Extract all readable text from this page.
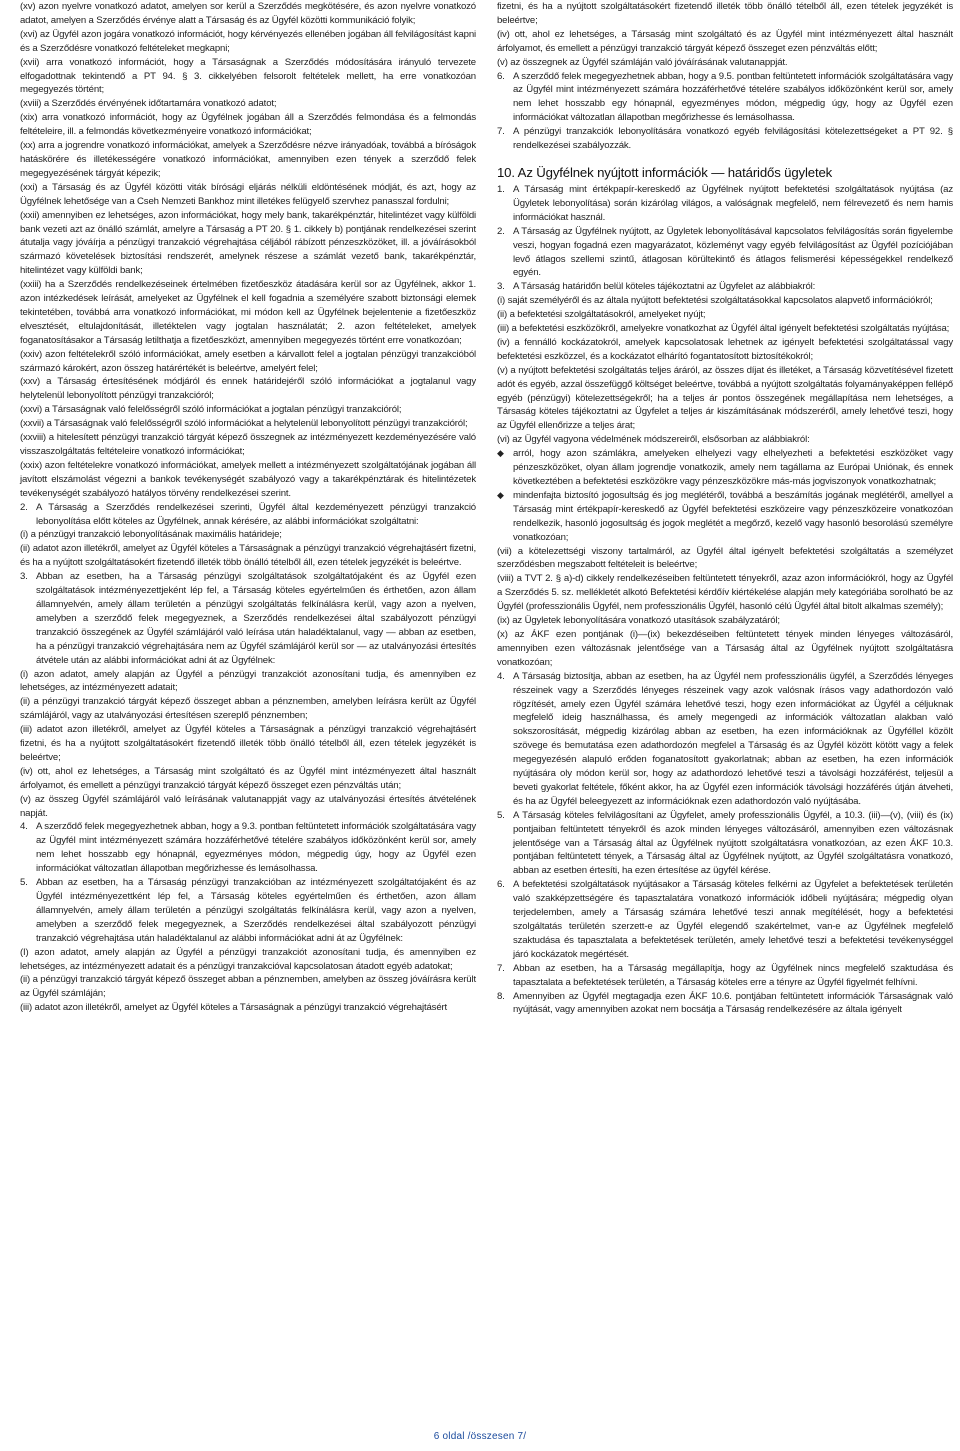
(xv) azon nyelvre vonatkozó adatot, amelyen sor kerül a Szerződés megkötésére, és azon nyelvre vonatkozó adatot, amelyen a Szerződés érvénye alatt a Társaság és az Ügyfél közötti kommunikáció folyik;

(xvi) az Ügyfél azon jogára vonatkozó információt, hogy kérvényezés ellenében jogában áll felvilágosítást kapni és a Szerződésre vonatkozó feltételeket megkapni;

(xvii) arra vonatkozó információt, hogy a Társaságnak a Szerződés módosítására irányuló tervezete elfogadottnak tekintendő a PT 94. § 3. cikkelyében felsorolt feltételek mellett, ha erre vonatkozóan megegyezés történt;

(xviii) a Szerződés érvényének időtartamára vonatkozó adatot;

(xix) arra vonatkozó információt, hogy az Ügyfélnek jogában áll a Szerződés felmondása és a felmondás feltételeire, ill. a felmondás következményeire vonatkozó információkat;

(xx) arra a jogrendre vonatkozó információkat, amelyek a Szerződésre nézve irányadóak, továbbá a bíróságok hatáskörére és illetékességére vonatkozó információkat, amennyiben ezen tények a szerződő felek megegyezésének tárgyát képezik;

(xxi) a Társaság és az Ügyfél közötti viták bírósági eljárás nélküli eldöntésének módját, és azt, hogy az Ügyfélnek lehetősége van a Cseh Nemzeti Bankhoz mint illetékes felügyelő szervhez panasszal fordulni;

(xxii) amennyiben ez lehetséges, azon információkat, hogy mely bank, takarékpénztár, hitelintézet vagy külföldi bank vezeti azt az önálló számlát, amelyre a Társaság a PT 20. § 1. cikkely b) pontjának rendelkezései szerint átutalja vagy jóváírja a pénzügyi tranzakció végrehajtása céljából rábízott pénzeszközöket, ill. a jóváírásokból származó követelések biztosítási rendszerét, amelynek részese a számlát vezető bank, takarékpénztár, hitelintézet vagy külföldi bank;

(xxiii) ha a Szerződés rendelkezéseinek értelmében fizetőeszköz átadására kerül sor az Ügyfélnek, akkor 1. azon intézkedések leírását, amelyeket az Ügyfélnek el kell fogadnia a személyére szabott biztonsági elemek tekintetében, továbbá arra vonatkozó információkat, mi módon kell az Ügyfélnek bejelentenie a fizetőeszköz elvesztését, eltulajdonítását, illetéktelen vagy jogtalan használatát; 2. azon feltételeket, amelyek foganatosításakor a Társaság letilthatja a fizetőeszközt, amennyiben megegyezés történt erre vonatkozóan;

(xxiv) azon feltételekről szóló információkat, amely esetben a kárvallott felel a jogtalan pénzügyi tranzakcióból származó károkért, azon összeg határértékét is beleértve, amelyért felel;

(xxv) a Társaság értesítésének módjáról és ennek határidejéről szóló információkat a jogtalanul vagy helytelenül lebonyolított pénzügyi tranzakcióról;

(xxvi) a Társaságnak való felelősségről szóló információkat a jogtalan pénzügyi tranzakcióról;

(xxvii) a Társaságnak való felelősségről szóló információkat a helytelenül lebonyolított pénzügyi tranzakcióról;

(xxviii) a hitelesített pénzügyi tranzakció tárgyát képező összegnek az intézményezett kezdeményezésére való visszaszolgáltatás feltételeire vonatkozó információkat;

(xxix) azon feltételekre vonatkozó információkat, amelyek mellett a intézményezett szolgáltatójának jogában áll javított elszámolást végezni a bankok tevékenységét szabályozó vagy a takarékpénztárak és hitelintézetek tevékenységét szabályozó hatályos törvény rendelkezései szerint.

2. A Társaság a Szerződés rendelkezései szerinti, Ügyfél által kezdeményezett pénzügyi tranzakció lebonyolítása előtt köteles az Ügyfélnek, annak kérésére, az alábbi információkat szolgáltatni:

(i) a pénzügyi tranzakció lebonyolításának maximális határideje;

(ii) adatot azon illetékről, amelyet az Ügyfél köteles a Társaságnak a pénzügyi tranzakció végrehajtásért fizetni, és ha a nyújtott szolgáltatásokért fizetendő illeték több önálló tételből áll, ezen tételek jegyzékét is beleértve.

3. Abban az esetben, ha a Társaság pénzügyi szolgáltatások szolgáltatójaként és az Ügyfél ezen szolgáltatások intézményezettjeként lép fel, a Társaság köteles egyértelműen és érthetően, azon állam államnyelvén, amely állam területén a pénzügyi szolgáltatás felkínálásra kerül, vagy azon a nyelven, amelyben a szerződő felek megegyeznek, a Szerződés rendelkezései által szabályozott pénzügyi tranzakció összegének az Ügyfél számlájáról való leírása után haladéktalanul, vagy — abban az esetben, ha a pénzügyi tranzakció végrehajtására nem az Ügyfél számlájáról kerül sor — az utalványozási értesítés átvétele után az alábbi információkat adni át az Ügyfélnek:

(i) azon adatot, amely alapján az Ügyfél a pénzügyi tranzakciót azonosítani tudja, és amennyiben ez lehetséges, az intézményezett adatait;

(ii) a pénzügyi tranzakció tárgyát képező összeget abban a pénznemben, amelyben leírásra került az Ügyfél számlájáról, vagy az utalványozási értesítésen szereplő pénznemben;

(iii) adatot azon illetékről, amelyet az Ügyfél köteles a Társaságnak a pénzügyi tranzakció végrehajtásért fizetni, és ha a nyújtott szolgáltatásokért fizetendő illeték több önálló tételből áll, ezen tételek jegyzékét is beleértve;

(iv) ott, ahol ez lehetséges, a Társaság mint szolgáltató és az Ügyfél mint intézményezett által használt árfolyamot, és emellett a pénzügyi tranzakció tárgyát képező összeget ezen pénzváltás után;

(v) az összeg Ügyfél számlájáról való leírásának valutanappját vagy az utalványozási értesítés átvételének napját.

4. A szerződő felek megegyezhetnek abban, hogy a 9.3. pontban feltüntetett információk szolgáltatására vagy az Ügyfél mint intézményezett számára hozzáférhetővé tételére szabályos időközönként kerül sor, amely nem lehet hosszabb egy hónapnál, egyezményes módon, mégpedig úgy, hogy az Ügyfél ezen információkat változatlan állapotban megőrizhesse és lemásolhassa.

5. Abban az esetben, ha a Társaság pénzügyi tranzakcióban az intézményezett szolgáltatójaként és az Ügyfél intézményezettként lép fel, a Társaság köteles egyértelműen és érthetően, azon állam államnyelvén, amely állam területén a pénzügyi szolgáltatás felkínálásra kerül, vagy azon a nyelven, amelyben a szerződő felek megegyeznek, a Szerződés rendelkezései által szabályozott pénzügyi tranzakció végrehajtása után haladéktalanul az alábbi információkat adni át az Ügyfélnek:

(I) azon adatot, amely alapján az Ügyfél a pénzügyi tranzakciót azonosítani tudja, és amennyiben ez lehetséges, az intézményezett adatait és a pénzügyi tranzakcióval kapcsolatosan átadott egyéb adatokat;

(ii) a pénzügyi tranzakció tárgyát képező összeget abban a pénznemben, amelyben az összeg jóváírásra került az Ügyfél számláján;

(iii) adatot azon illetékről, amelyet az Ügyfél köteles a Társaságnak a pénzügyi tranzakció végrehajtásért

fizetni, és ha a nyújtott szolgáltatásokért fizetendő illeték több önálló tételből áll, ezen tételek jegyzékét is beleértve;

(iv) ott, ahol ez lehetséges, a Társaság mint szolgáltató és az Ügyfél mint intézményezett által használt árfolyamot, és emellett a pénzügyi tranzakció tárgyát képező összeget ezen pénzváltás előtt;

(v) az összegnek az Ügyfél számláján való jóváírásának valutanappját.

6. A szerződő felek megegyezhetnek abban, hogy a 9.5. pontban feltüntetett információk szolgáltatására vagy az Ügyfél mint intézményezett számára hozzáférhetővé tételére szabályos időközönként kerül sor, amely nem lehet hosszabb egy hónapnál, egyezményes módon, mégpedig úgy, hogy az Ügyfél ezen információkat változatlan állapotban megőrizhesse és lemásolhassa.

7. A pénzügyi tranzakciók lebonyolítására vonatkozó egyéb felvilágosítási kötelezettségeket a PT 92. § rendelkezései szabályozzák.

10. Az Ügyfélnek nyújtott információk — határidős ügyletek
1. A Társaság mint értékpapír-kereskedő az Ügyfélnek nyújtott befektetési szolgáltatások nyújtása (az Ügyletek lebonyolítása) során kizárólag világos, a valóságnak megfelelő, nem félrevezető és nem hamis információkat használ.

2. A Társaság az Ügyfélnek nyújtott, az Ügyletek lebonyolításával kapcsolatos felvilágosítás során figyelembe veszi, hogyan fogadná ezen magyarázatot, közleményt vagy egyéb felvilágosítást az Ügyfél pozíciójában levő átlagos szellemi szintű, átlagosan körültekintő és átlagos felismerési képességekkel rendelkező egyén.

3. A Társaság határidőn belül köteles tájékoztatni az Ügyfelet az alábbiakról:

(i) saját személyéről és az általa nyújtott befektetési szolgáltatásokkal kapcsolatos alapvető információkról;

(ii) a befektetési szolgáltatásokról, amelyeket nyújt;

(iii) a befektetési eszközökről, amelyekre vonatkozhat az Ügyfél által igényelt befektetési szolgáltatás nyújtása;

(iv) a fennálló kockázatokról, amelyek kapcsolatosak lehetnek az igényelt befektetési szolgáltatással vagy befektetési eszközzel, és a kockázatot elhárító fogantatosított biztosítékokról;

(v) a nyújtott befektetési szolgáltatás teljes áráról, az összes díjat és illetéket, a Társaság közvetítésével fizetett adót és egyéb, azzal összefüggő költséget beleértve, továbbá a nyújtott szolgáltatás folyamányaképpen fellépő egyéb (pénzügyi) kötelezettségekről; ha a teljes ár pontos összegének megállapítása nem lehetséges, a Társaság köteles tájékoztatni az Ügyfelet a teljes ár kiszámításának módszeréről, amely lehetővé teszi, hogy az Ügyfél ellenőrizze a teljes árat;

(vi) az Ügyfél vagyona védelmének módszereiről, elsősorban az alábbiakról:

◆ arról, hogy azon számlákra, amelyeken elhelyezi vagy elhelyezheti a befektetési eszközöket vagy pénzeszközöket, olyan állam jogrendje vonatkozik, amely nem tagállama az Európai Uniónak, és ennek következtében a befektetési eszközökre vagy pénzeszközökre más-más jogviszonyok vonatkozhatnak;

◆ mindenfajta biztosító jogosultság és jog meglétéről, továbbá a beszámítás jogának meglétéről, amellyel a Társaság mint értékpapír-kereskedő az Ügyfél befektetési eszközeire vagy pénzeszközeire vonatkozóan rendelkezik, hasonló jogosultság és jogok meglétét a megőrző, kezelő vagy hasonló besorolású személyre vonatkozóan;

(vii) a kötelezettségi viszony tartalmáról, az Ügyfél által igényelt befektetési szolgáltatás a személyzet szerződésben megszabott feltételeit is beleértve;

(viii) a TVT 2. § a)-d) cikkely rendelkezéseiben feltüntetett tényekről, azaz azon információkról, hogy az Ügyfél a Szerződés 5. sz. mellékletét alkotó Befektetési kérdőív kiértékelése alapján mely kategóriába sorolható be az Ügyfél (professzionális Ügyfél, nem professzionális Ügyfél, hasonló célú Ügyfél által bitolt alkalmas személy);

(ix) az Ügyletek lebonyolítására vonatkozó utasítások szabályzatáról;

(x) az ÁKF ezen pontjának (i)—(ix) bekezdéseiben feltüntetett tények minden lényeges változásáról, amennyiben ezen változásnak jelentősége van a Társaság által az Ügyfélnek nyújtott szolgáltatásra vonatkozóan;

4. A Társaság biztosítja, abban az esetben, ha az Ügyfél nem professzionális ügyfél, a Szerződés lényeges részeinek vagy a Szerződés lényeges részeinek vagy azok valósnak írásos vagy adathordozón való rögzítését, amely ezen Ügyfél számára lehetővé teszi, hogy ezen információkat az Ügyfél a céljuknak megfelelő ideig használhassa, és amely megengedi az információk változatlan alakban való sokszorosítását, mégpedig kizárólag abban az esetben, ha ezen információknak az Ügyféllel közölt szövege és bemutatása ezen adathordozón megfelel a Társaság és az Ügyfél között kötött vagy a felek megegyezésén alapuló erőden foganatosított gyakorlatnak; abban az esetben, ha ezen információk nyújtására oly módon kerül sor, hogy az adathordozó lehetővé teszi a távolsági hozzáférést, teljesül a beveti gyakorlat feltétele, főként akkor, ha az Ügyfél ezen információk távolsági hozzáférés útján átveheti, és ha az Ügyfél beleegyezett az információknak ezen adathordozón való nyújtásába.

5. A Társaság köteles felvilágosítani az Ügyfelet, amely professzionális Ügyfél, a 10.3. (iii)—(v), (viii) és (ix) pontjaiban feltüntetett tényekről és azok minden lényeges változásáról, amennyiben ezen változásnak jelentősége van a Társaság által az Ügyfélnek nyújtott szolgáltatásra vonatkozóan, az ezen ÁKF 10.3. pontjában feltüntetett tények, a Társaság által az Ügyfélnek nyújtott, az Ügyfél szolgáltatásra vonatkozó, abban az esetben értesíti, ha ezen értesítése az ügyfél kérése.

6. A befektetési szolgáltatások nyújtásakor a Társaság köteles felkérni az Ügyfelet a befektetések területén való szakképzettségére és tapasztalatára vonatkozó információk időbeli nyújtására; mégpedig olyan terjedelemben, amely a Társaság számára lehetővé teszi annak megítélését, hogy a befektetési szolgáltatás területén szerzett-e az Ügyfél elegendő szakértelmet, van-e az Ügyfélnek megfelelő szaktudása és tapasztalata a befektetések területén, amely lehetővé teszi a befektetési tevékenységgel járó kockázatok megértését.

7. Abban az esetben, ha a Társaság megállapítja, hogy az Ügyfélnek nincs megfelelő szaktudása és tapasztalata a befektetések területén, a Társaság köteles erre a tényre az Ügyfél figyelmét felhívni.

8. Amennyiben az Ügyfél megtagadja ezen ÁKF 10.6. pontjában feltüntetett információk Társaságnak való nyújtását, vagy amennyiben azokat nem bocsátja a Társaság rendelkezésére az általa igényelt

6 oldal /összesen 7/
